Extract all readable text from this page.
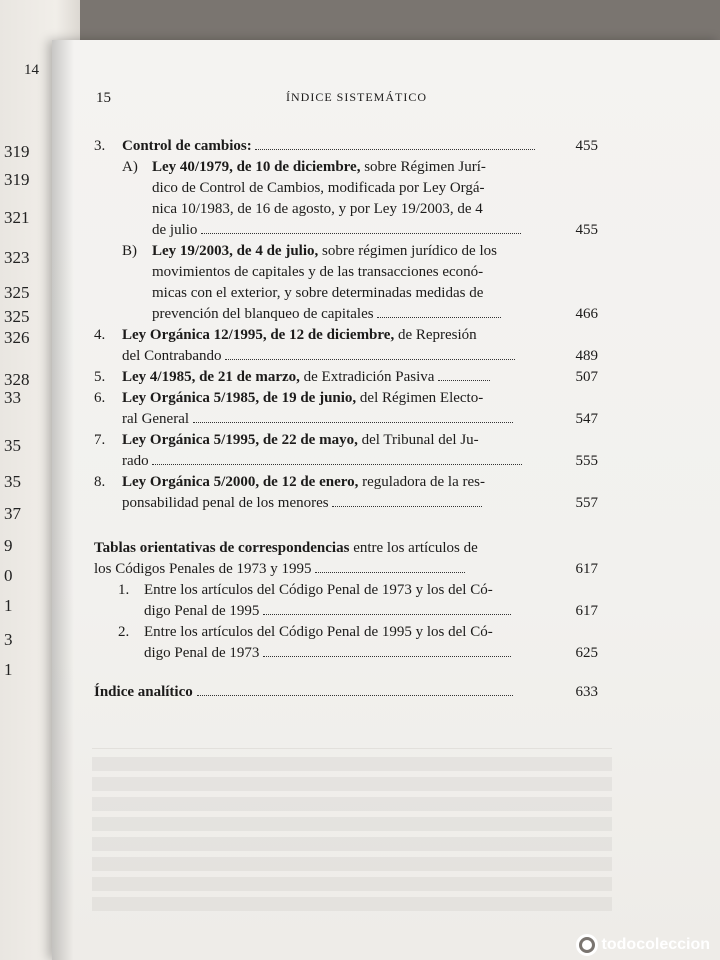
14
319
319
321
323
325
325
326
328
33
35
35
37
9
0
1
3
1
15	ÍNDICE SISTEMÁTICO
3. Control de cambios:	455
A) Ley 40/1979, de 10 de diciembre, sobre Régimen Jurí-
dico de Control de Cambios, modificada por Ley Orgá-
nica 10/1983, de 16 de agosto, y por Ley 19/2003, de 4
de julio	455
B) Ley 19/2003, de 4 de julio, sobre régimen jurídico de los
movimientos de capitales y de las transacciones econó-
micas con el exterior, y sobre determinadas medidas de
prevención del blanqueo de capitales	466
4. Ley Orgánica 12/1995, de 12 de diciembre, de Represión
del Contrabando	489
5. Ley 4/1985, de 21 de marzo, de Extradición Pasiva	507
6. Ley Orgánica 5/1985, de 19 de junio, del Régimen Electo-
ral General	547
7. Ley Orgánica 5/1995, de 22 de mayo, del Tribunal del Ju-
rado	555
8. Ley Orgánica 5/2000, de 12 de enero, reguladora de la res-
ponsabilidad penal de los menores	557
Tablas orientativas de correspondencias entre los artículos de
los Códigos Penales de 1973 y 1995	617
1. Entre los artículos del Código Penal de 1973 y los del Có-
digo Penal de 1995	617
2. Entre los artículos del Código Penal de 1995 y los del Có-
digo Penal de 1973	625
Índice analítico	633
todocoleccion
